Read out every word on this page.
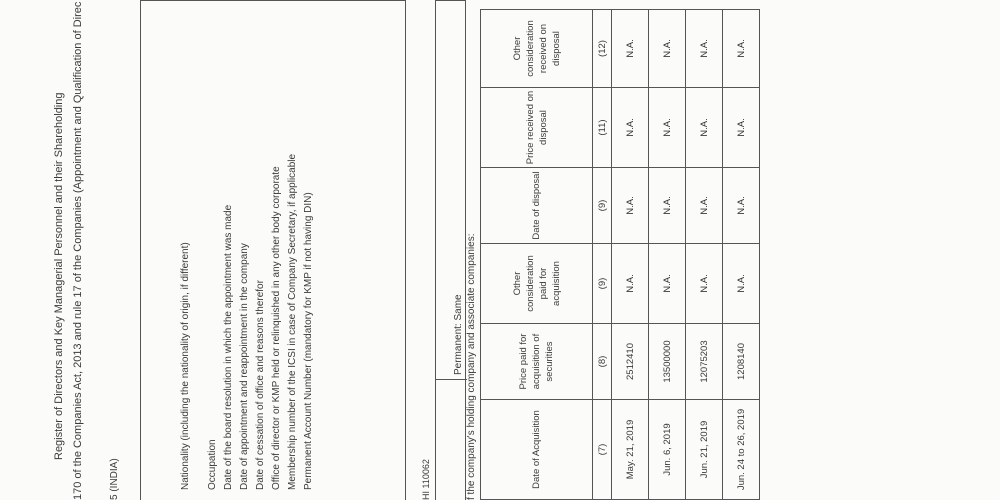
Register of Directors and Key Managerial Personnel and their Shareholding 170 of the Companies Act, 2013 and rule 17 of the Companies (Appointment and Qualification of Direc	5 (INDIA)	Nationality (including the nationality of origin, if different) Occupation Date of the board resolution in which the appointment was made Date of appointment and reappointment in the company Date of cessation of office and reasons therefor Office of director or KMP held or relinquished in any other body corporate Membership number of the ICSI in case of Company Secretary, if applicable Permanent Account Number (mandatory for KMP if not having DIN)	HI 110062
Permanent: Same f the company's holding company and associate companies:	Date of Acquisition	Price paid for acquisition of securities	Other consideration paid for acquisition	Date of disposal	Price received on disposal	Other consideration received on disposal
(7)	(8)	(9)	(9)	(11)	(12)
May. 21, 2019	2512410	N.A.	N.A.	N.A.	N.A.
Jun. 6, 2019	13500000	N.A.	N.A.	N.A.	N.A.
Jun. 21, 2019	12075203	N.A.	N.A.	N.A.	N.A.
Jun. 24 to 26, 2019	1208140	N.A.	N.A.	N.A.	N.A.
